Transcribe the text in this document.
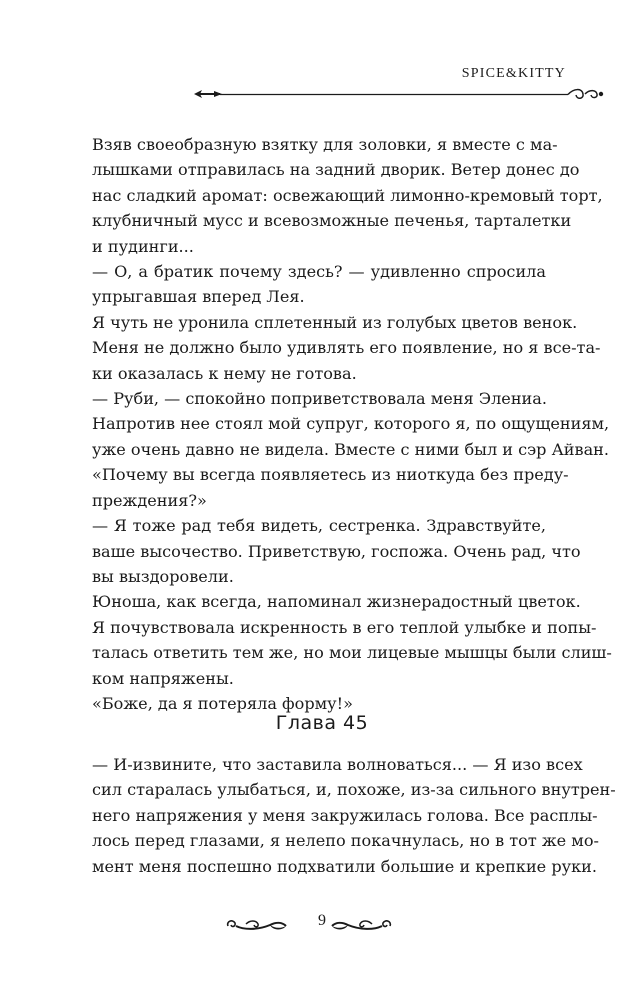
SPICE&KITTY

Взяв своеобразную взятку для золовки, я вместе с ма-
лышками отправилась на задний дворик. Ветер донес до
нас сладкий аромат: освежающий лимонно-кремовый торт,
клубничный мусс и всевозможные печенья, тарталетки
и пудинги...

— О, а братик почему здесь? — удивленно спросила
упрыгавшая вперед Лея.

Я чуть не уронила сплетенный из голубых цветов венок.
Меня не должно было удивлять его появление, но я все-та-
ки оказалась к нему не готова.

— Руби, — спокойно поприветствовала меня Элениа.
Напротив нее стоял мой супруг, которого я, по ощущениям,
уже очень давно не видела. Вместе с ними был и сэр Айван.

«Почему вы всегда появляетесь из ниоткуда без преду-
преждения?»

— Я тоже рад тебя видеть, сестренка. Здравствуйте,
ваше высочество. Приветствую, госпожа. Очень рад, что
вы выздоровели.

Юноша, как всегда, напоминал жизнерадостный цветок.
Я почувствовала искренность в его теплой улыбке и попы-
талась ответить тем же, но мои лицевые мышцы были слиш-
ком напряжены.

«Боже, да я потеряла форму!»

Глава 45

— И-извините, что заставила волноваться... — Я изо всех
сил старалась улыбаться, и, похоже, из-за сильного внутрен-
него напряжения у меня закружилась голова. Все расплы-
лось перед глазами, я нелепо покачнулась, но в тот же мо-
мент меня поспешно подхватили большие и крепкие руки.

9
